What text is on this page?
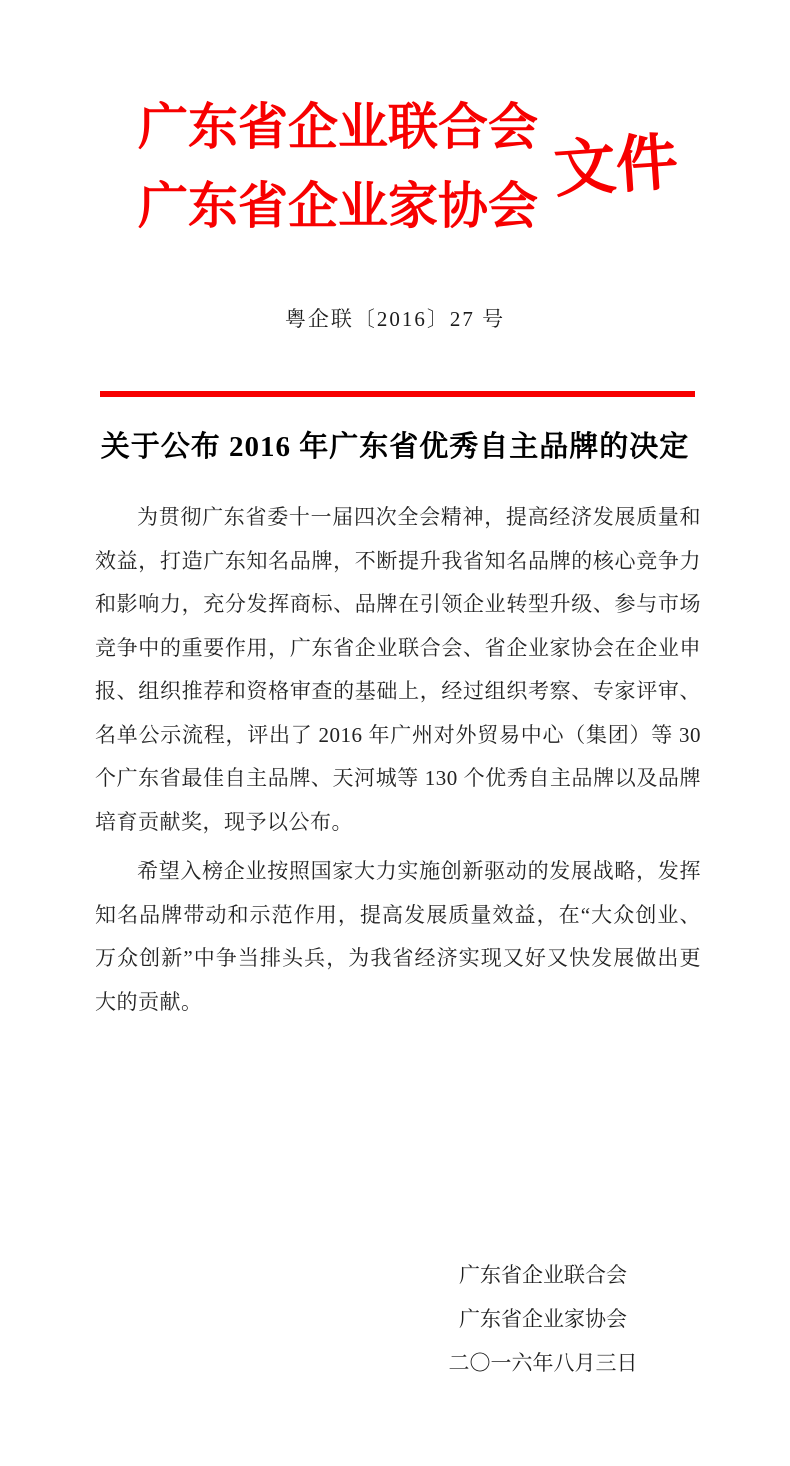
广东省企业联合会
广东省企业家协会
文件
粤企联〔2016〕27 号
关于公布 2016 年广东省优秀自主品牌的决定

为贯彻广东省委十一届四次全会精神，提高经济发展质量和效益，打造广东知名品牌，不断提升我省知名品牌的核心竞争力和影响力，充分发挥商标、品牌在引领企业转型升级、参与市场竞争中的重要作用，广东省企业联合会、省企业家协会在企业申报、组织推荐和资格审查的基础上，经过组织考察、专家评审、名单公示流程，评出了 2016 年广州对外贸易中心（集团）等 30 个广东省最佳自主品牌、天河城等 130 个优秀自主品牌以及品牌培育贡献奖，现予以公布。

希望入榜企业按照国家大力实施创新驱动的发展战略，发挥知名品牌带动和示范作用，提高发展质量效益，在“大众创业、万众创新”中争当排头兵，为我省经济实现又好又快发展做出更大的贡献。

广东省企业联合会
广东省企业家协会
二〇一六年八月三日
